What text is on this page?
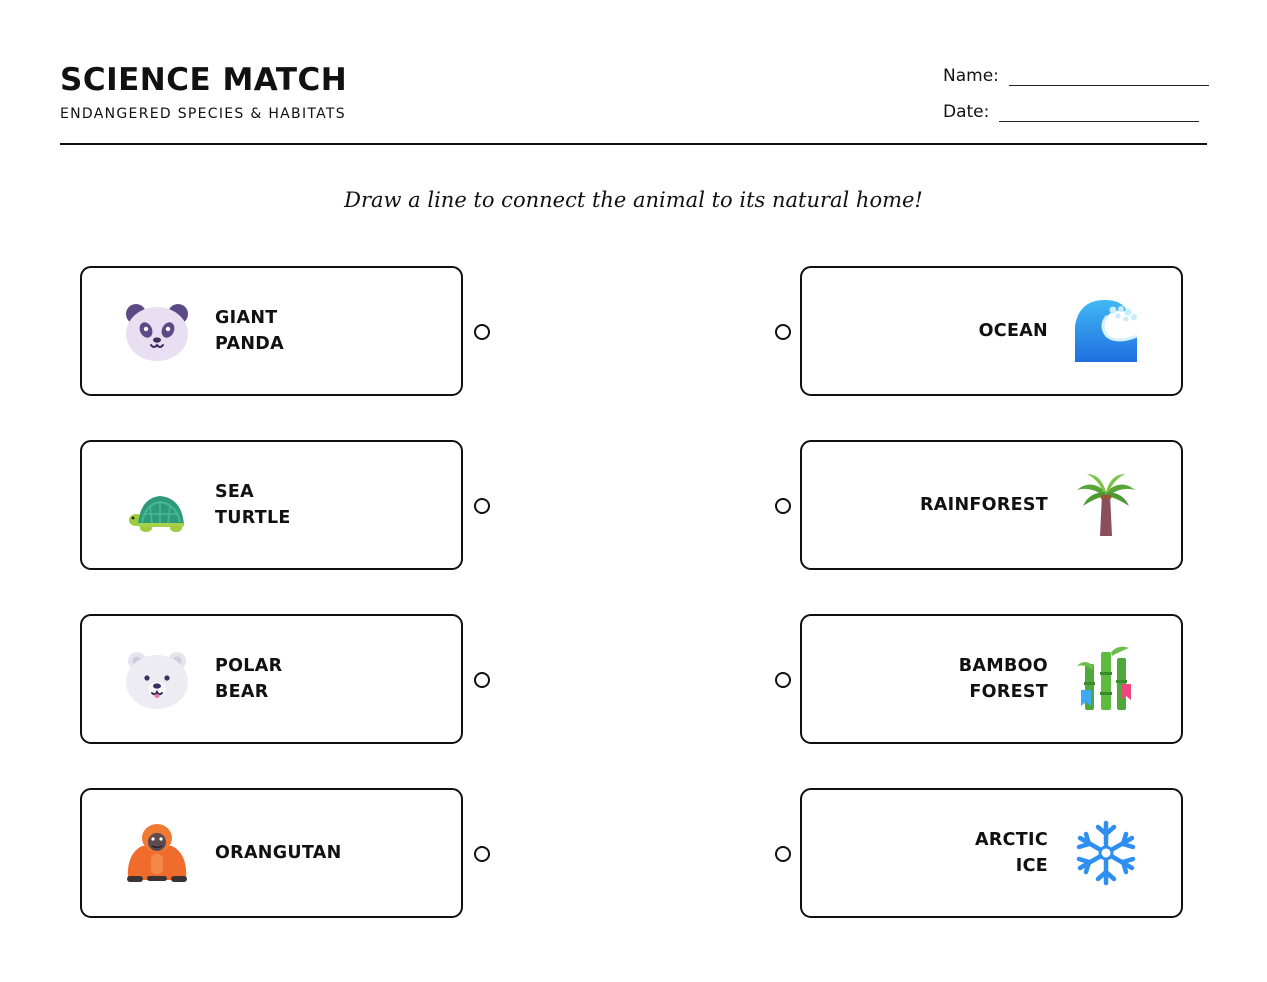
SCIENCE MATCH
ENDANGERED SPECIES & HABITATS
Name:
Date:
Draw a line to connect the animal to its natural home!
GIANT
PANDA
SEA
TURTLE
POLAR
BEAR
ORANGUTAN
OCEAN
RAINFOREST
BAMBOO
FOREST
ARCTIC
ICE
